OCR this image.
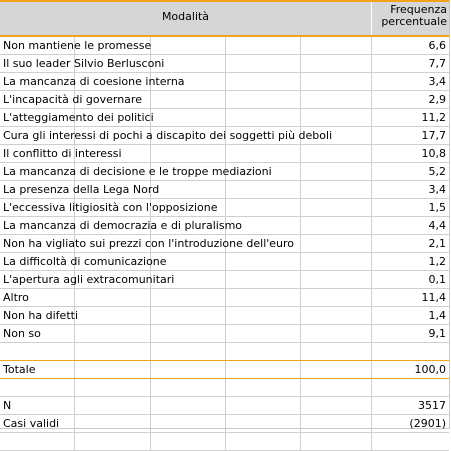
Modalità
Frequenza
percentuale
Non mantiene le promesse	6,6
Il suo leader Silvio Berlusconi	7,7
La mancanza di coesione interna	3,4
L'incapacità di governare	2,9
L'atteggiamento dei politici	11,2
Cura gli interessi di pochi a discapito dei soggetti più deboli	17,7
Il conflitto di interessi	10,8
La mancanza di decisione e le troppe mediazioni	5,2
La presenza della Lega Nord	3,4
L'eccessiva litigiosità con l'opposizione	1,5
La mancanza di democrazia e di pluralismo	4,4
Non ha vigliato sui prezzi con l'introduzione dell'euro	2,1
La difficoltà di comunicazione	1,2
L'apertura agli extracomunitari	0,1
Altro	11,4
Non ha difetti	1,4
Non so	9,1
Totale	100,0
N	3517
Casi validi	(2901)
